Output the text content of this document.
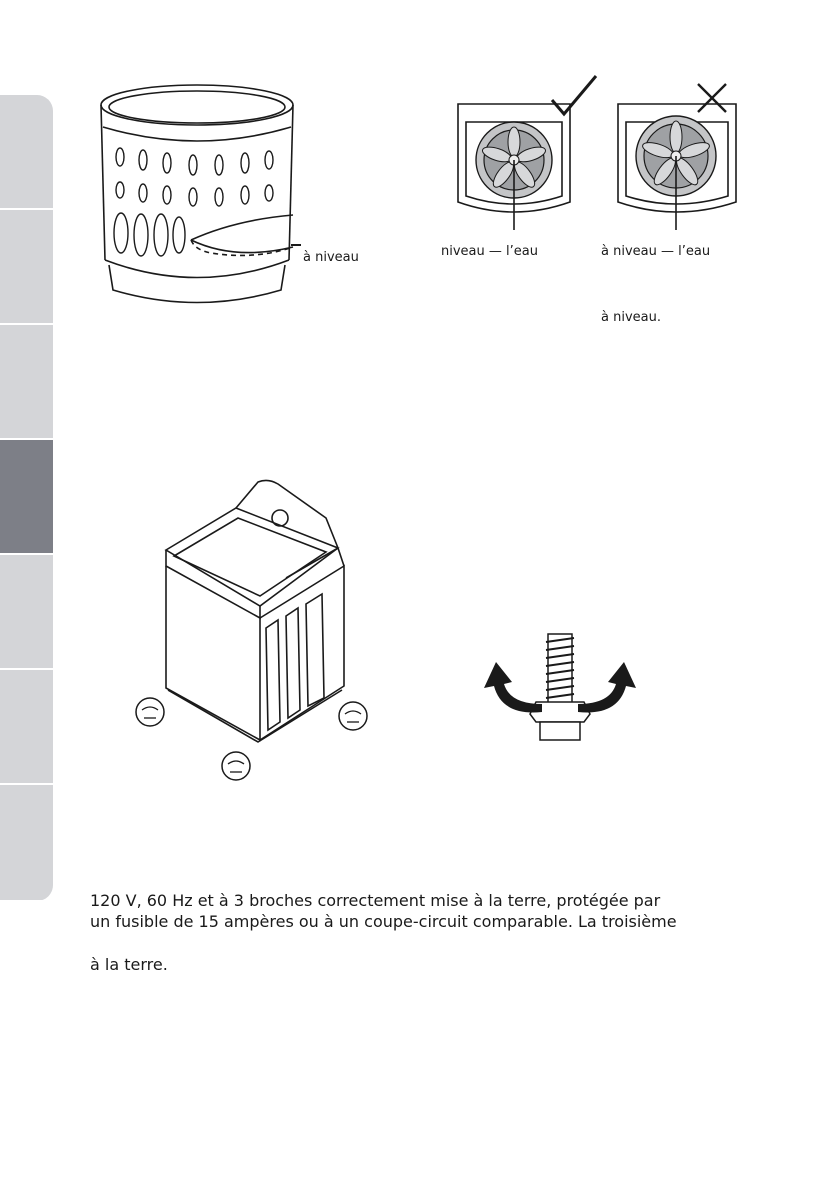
à niveau	niveau — l’eau	à niveau — l’eau
à niveau.
120 V, 60 Hz et à 3 broches correctement mise à la terre, protégée par
un fusible de 15 ampères ou à un coupe-circuit comparable. La troisième
à la terre.
